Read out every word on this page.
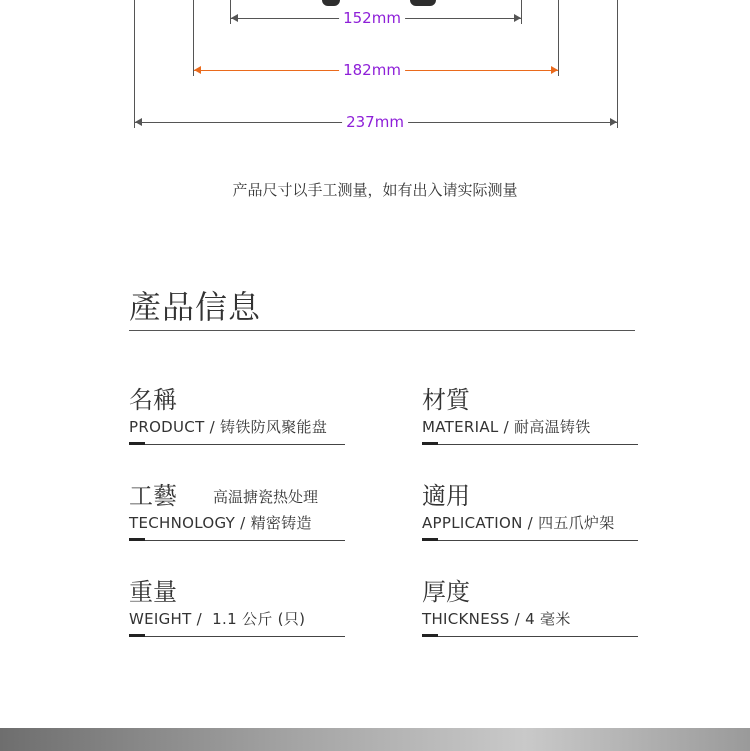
152mm
182mm
237mm
产品尺寸以手工测量，如有出入请实际测量
產品信息
名稱
PRODUCT / 铸铁防风聚能盘
材質
MATERIAL / 耐高温铸铁
工藝 高温搪瓷热处理
TECHNOLOGY / 精密铸造
適用
APPLICATION / 四五爪炉架
重量
WEIGHT /  1.1 公斤 (只)
厚度
THICKNESS / 4 毫米
